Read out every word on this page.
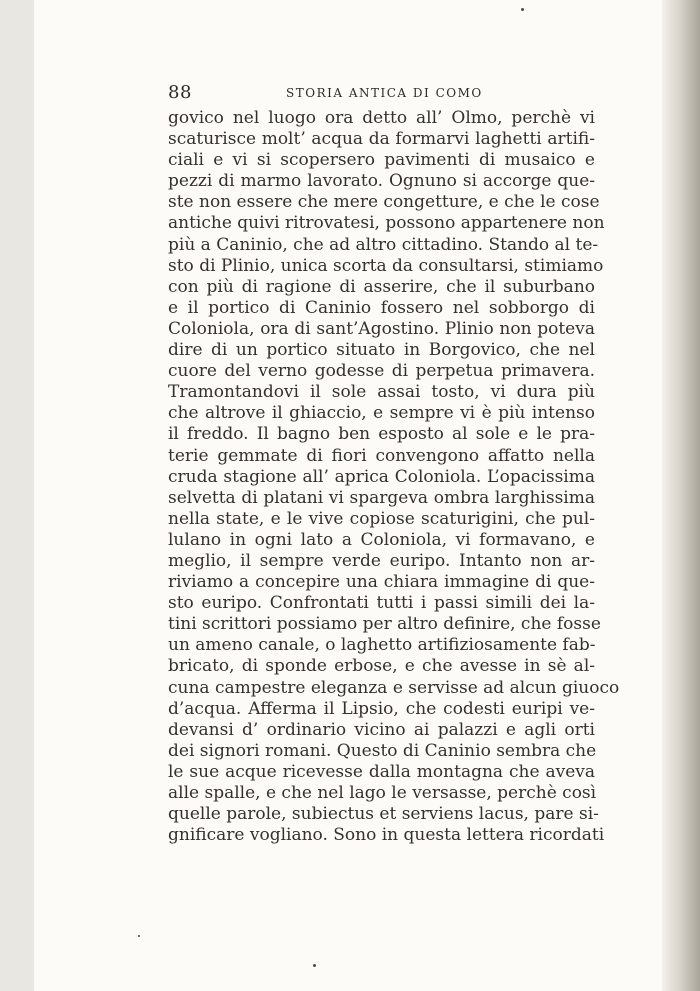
88	STORIA ANTICA DI COMO
govico nel luogo ora detto all’ Olmo, perchè vi
scaturisce molt’ acqua da formarvi laghetti artifi-
ciali e vi si scopersero pavimenti di musaico e
pezzi di marmo lavorato. Ognuno si accorge que-
ste non essere che mere congetture, e che le cose
antiche quivi ritrovatesi, possono appartenere non
più a Caninio, che ad altro cittadino. Stando al te-
sto di Plinio, unica scorta da consultarsi, stimiamo
con più di ragione di asserire, che il suburbano
e il portico di Caninio fossero nel sobborgo di
Coloniola, ora di sant’Agostino. Plinio non poteva
dire di un portico situato in Borgovico, che nel
cuore del verno godesse di perpetua primavera.
Tramontandovi il sole assai tosto, vi dura più
che altrove il ghiaccio, e sempre vi è più intenso
il freddo. Il bagno ben esposto al sole e le pra-
terie gemmate di fiori convengono affatto nella
cruda stagione all’ aprica Coloniola. L’opacissima
selvetta di platani vi spargeva ombra larghissima
nella state, e le vive copiose scaturigini, che pul-
lulano in ogni lato a Coloniola, vi formavano, e
meglio, il sempre verde euripo. Intanto non ar-
riviamo a concepire una chiara immagine di que-
sto euripo. Confrontati tutti i passi simili dei la-
tini scrittori possiamo per altro definire, che fosse
un ameno canale, o laghetto artifiziosamente fab-
bricato, di sponde erbose, e che avesse in sè al-
cuna campestre eleganza e servisse ad alcun giuoco
d’acqua. Afferma il Lipsio, che codesti euripi ve-
devansi d’ ordinario vicino ai palazzi e agli orti
dei signori romani. Questo di Caninio sembra che
le sue acque ricevesse dalla montagna che aveva
alle spalle, e che nel lago le versasse, perchè così
quelle parole, subiectus et serviens lacus, pare si-
gnificare vogliano. Sono in questa lettera ricordati
